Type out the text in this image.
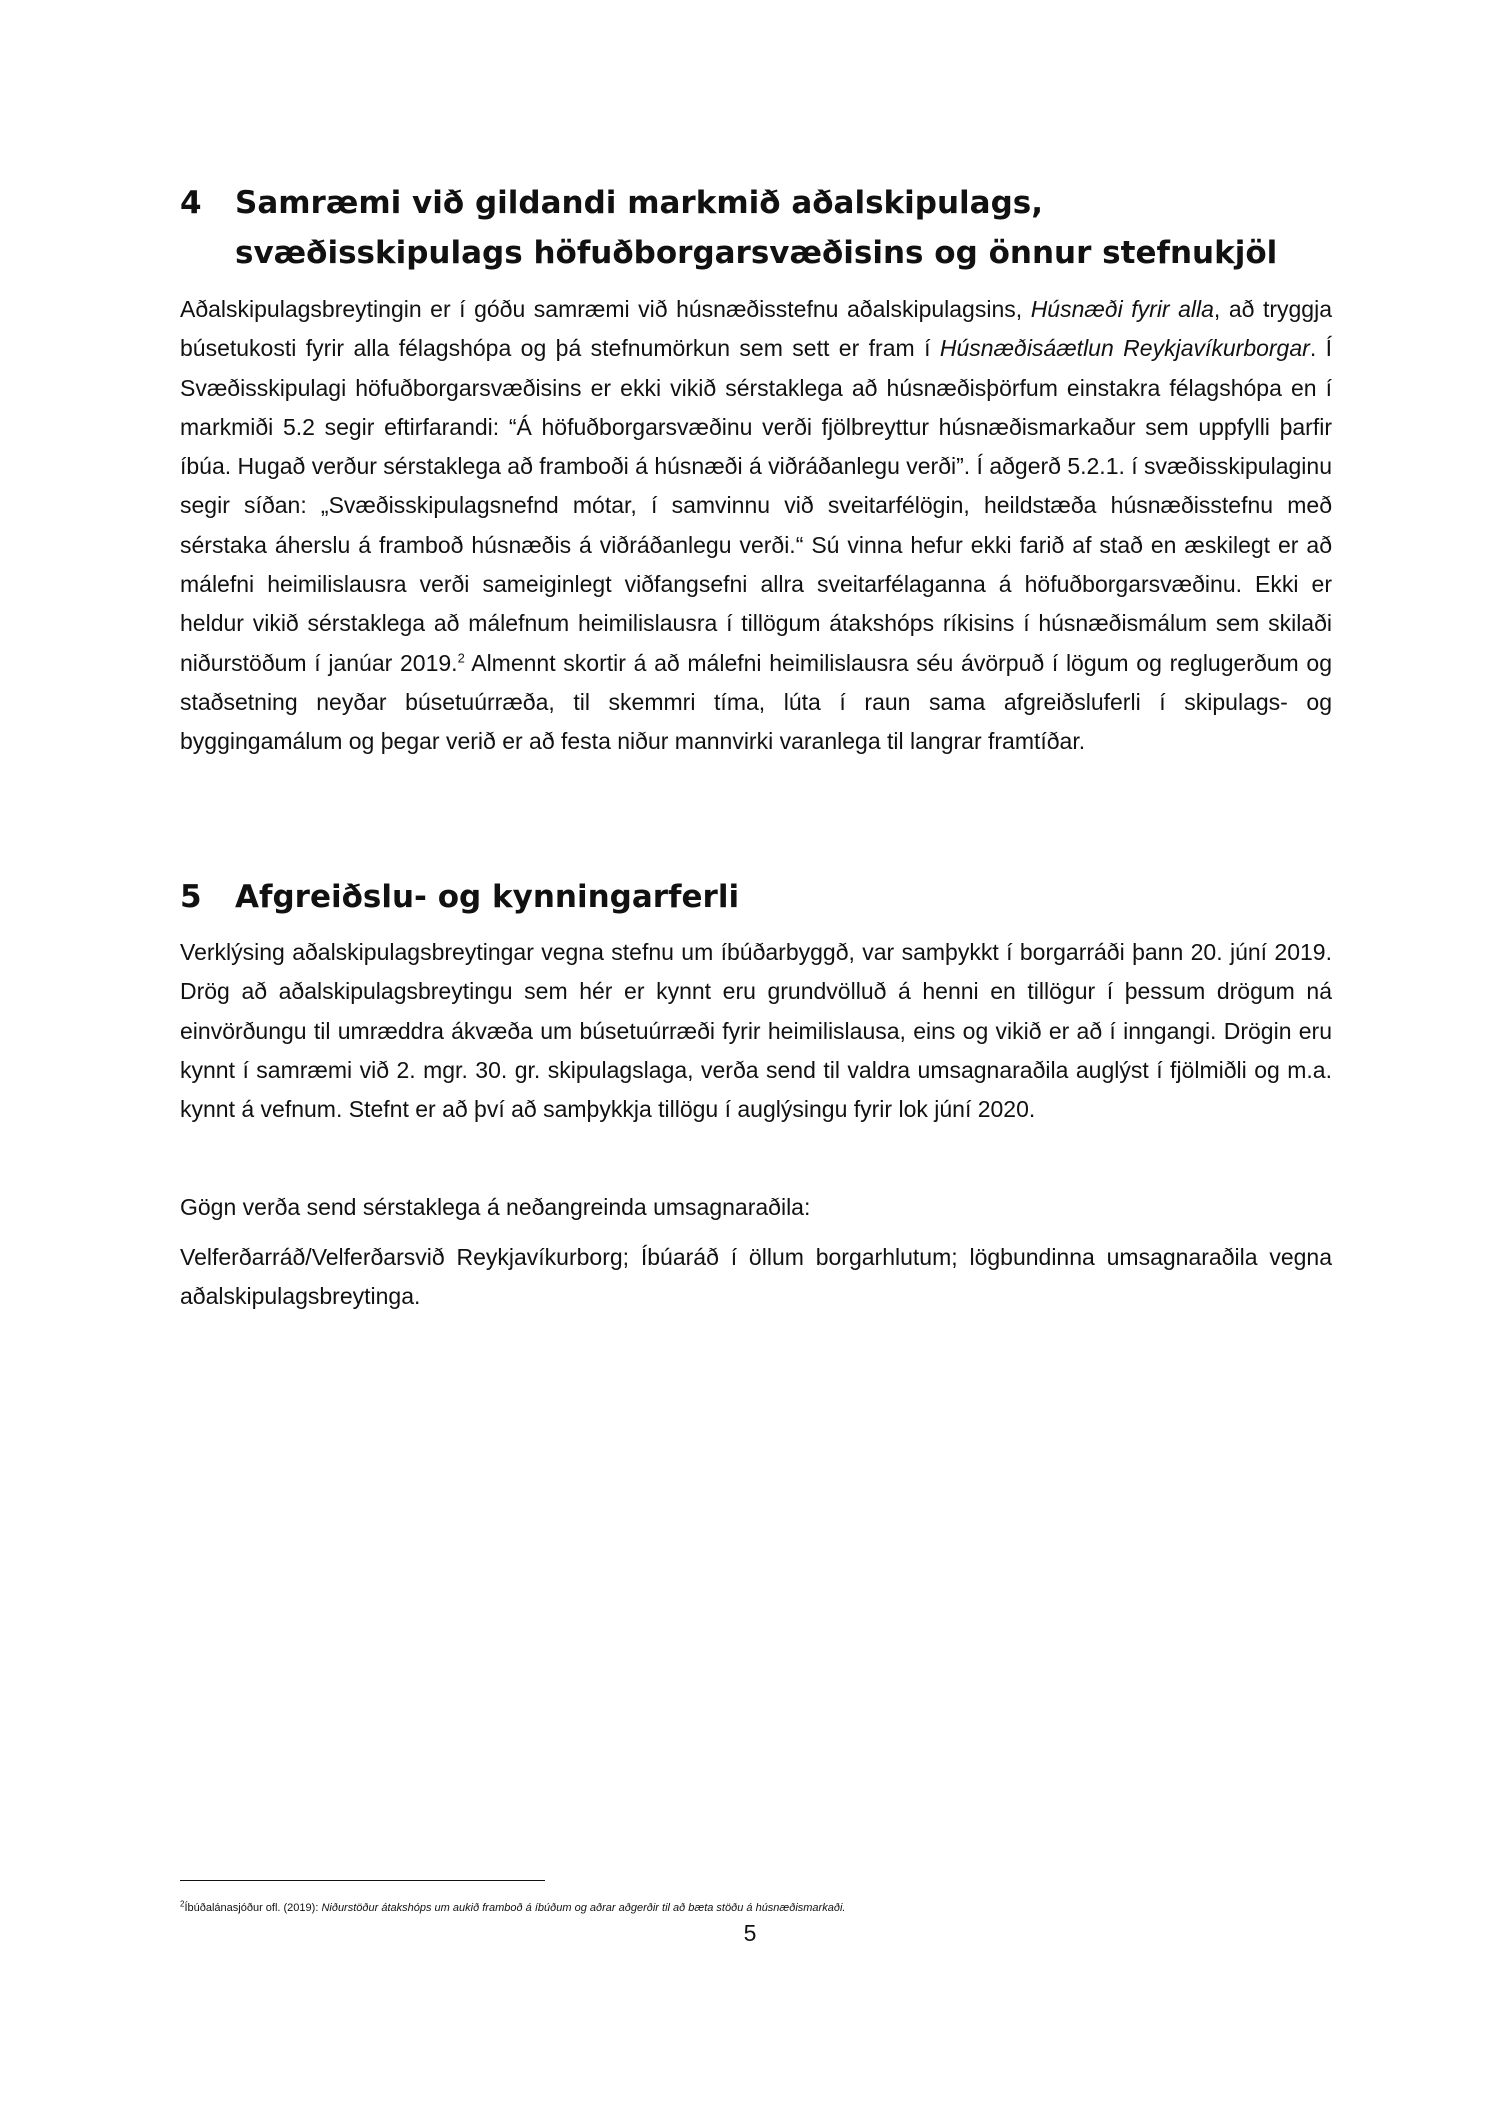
4 Samræmi við gildandi markmið aðalskipulags, svæðisskipulags höfuðborgarsvæðisins og önnur stefnukjöl

Aðalskipulagsbreytingin er í góðu samræmi við húsnæðisstefnu aðalskipulagsins, Húsnæði fyrir alla, að tryggja búsetukosti fyrir alla félagshópa og þá stefnumörkun sem sett er fram í Húsnæðisáætlun Reykjavíkurborgar. Í Svæðisskipulagi höfuðborgarsvæðisins er ekki vikið sérstaklega að húsnæðisþörfum einstakra félagshópa en í markmiði 5.2 segir eftirfarandi: “Á höfuðborgarsvæðinu verði fjölbreyttur húsnæðismarkaður sem uppfylli þarfir íbúa. Hugað verður sérstaklega að framboði á húsnæði á viðráðanlegu verði”. Í aðgerð 5.2.1. í svæðisskipulaginu segir síðan: „Svæðisskipulagsnefnd mótar, í samvinnu við sveitarfélögin, heildstæða húsnæðisstefnu með sérstaka áherslu á framboð húsnæðis á viðráðanlegu verði.“ Sú vinna hefur ekki farið af stað en æskilegt er að málefni heimilislausra verði sameiginlegt viðfangsefni allra sveitarfélaganna á höfuðborgarsvæðinu. Ekki er heldur vikið sérstaklega að málefnum heimilislausra í tillögum átakshóps ríkisins í húsnæðismálum sem skilaði niðurstöðum í janúar 2019.$^2$ Almennt skortir á að málefni heimilislausra séu ávörpuð í lögum og reglugerðum og staðsetning neyðar búsetuúrræða, til skemmri tíma, lúta í raun sama afgreiðsluferli í skipulags- og byggingamálum og þegar verið er að festa niður mannvirki varanlega til langrar framtíðar.

5 Afgreiðslu- og kynningarferli

Verklýsing aðalskipulagsbreytingar vegna stefnu um íbúðarbyggð, var samþykkt í borgarráði þann 20. júní 2019. Drög að aðalskipulagsbreytingu sem hér er kynnt eru grundvölluð á henni en tillögur í þessum drögum ná einvörðungu til umræddra ákvæða um búsetuúrræði fyrir heimilislausa, eins og vikið er að í inngangi. Drögin eru kynnt í samræmi við 2. mgr. 30. gr. skipulagslaga, verða send til valdra umsagnaraðila auglýst í fjölmiðli og m.a. kynnt á vefnum. Stefnt er að því að samþykkja tillögu í auglýsingu fyrir lok júní 2020.

Gögn verða send sérstaklega á neðangreinda umsagnaraðila:

Velferðarráð/Velferðarsvið Reykjavíkurborg; Íbúaráð í öllum borgarhlutum; lögbundinna umsagnaraðila vegna aðalskipulagsbreytinga.

$^2$Íbúðalánasjóður ofl. (2019): Niðurstöður átakshóps um aukið framboð á íbúðum og aðrar aðgerðir til að bæta stöðu á húsnæðismarkaði.

5
